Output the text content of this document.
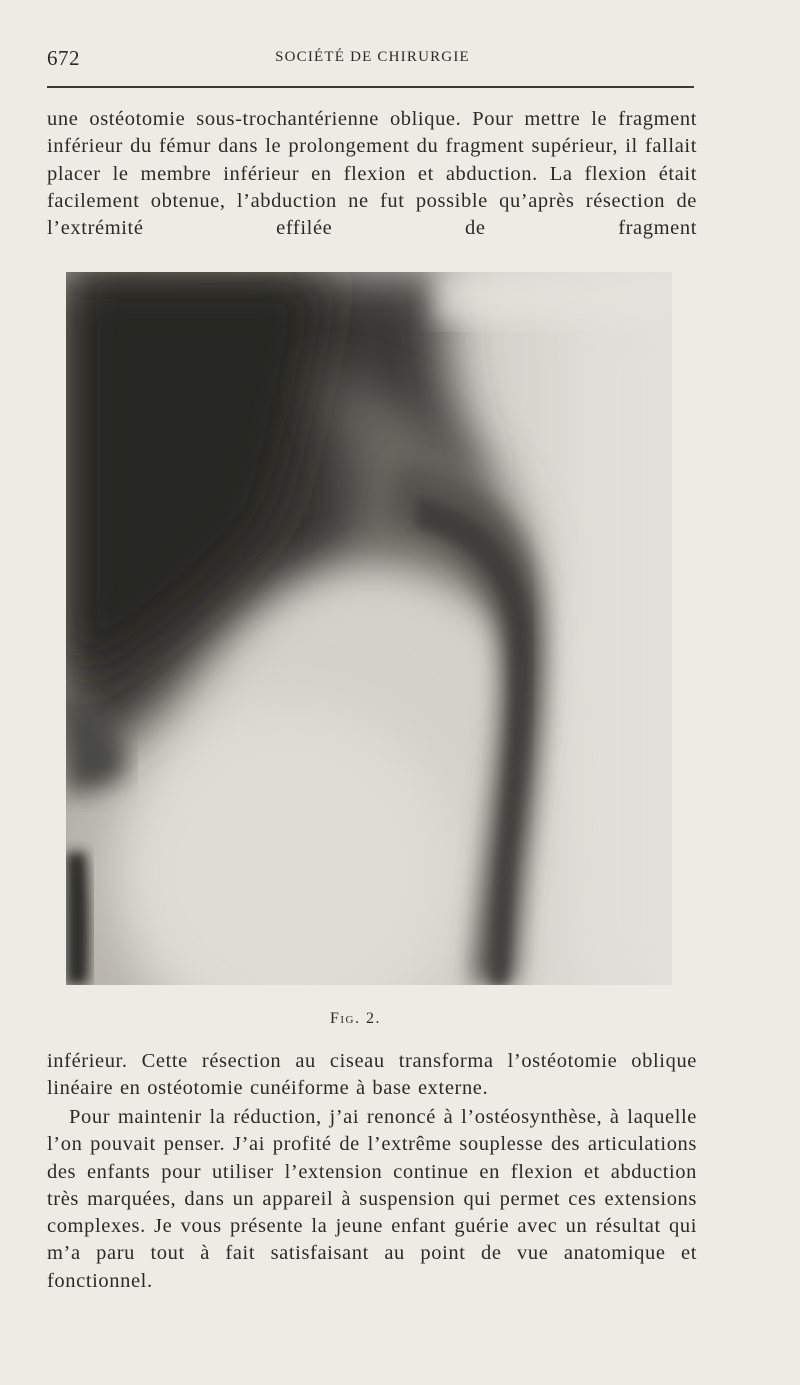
672	SOCIÉTÉ DE CHIRURGIE

une ostéotomie sous-trochantérienne oblique. Pour mettre le fragment inférieur du fémur dans le prolongement du fragment supérieur, il fallait placer le membre inférieur en flexion et abduction. La flexion était facilement obtenue, l’abduction ne fut possible qu’après résection de l’extrémité effilée de fragment

Fig. 2.

inférieur. Cette résection au ciseau transforma l’ostéotomie oblique linéaire en ostéotomie cunéiforme à base externe.

Pour maintenir la réduction, j’ai renoncé à l’ostéosynthèse, à laquelle l’on pouvait penser. J’ai profité de l’extrême souplesse des articulations des enfants pour utiliser l’extension continue en flexion et abduction très marquées, dans un appareil à suspension qui permet ces extensions complexes. Je vous présente la jeune enfant guérie avec un résultat qui m’a paru tout à fait satisfaisant au point de vue anatomique et fonctionnel.
